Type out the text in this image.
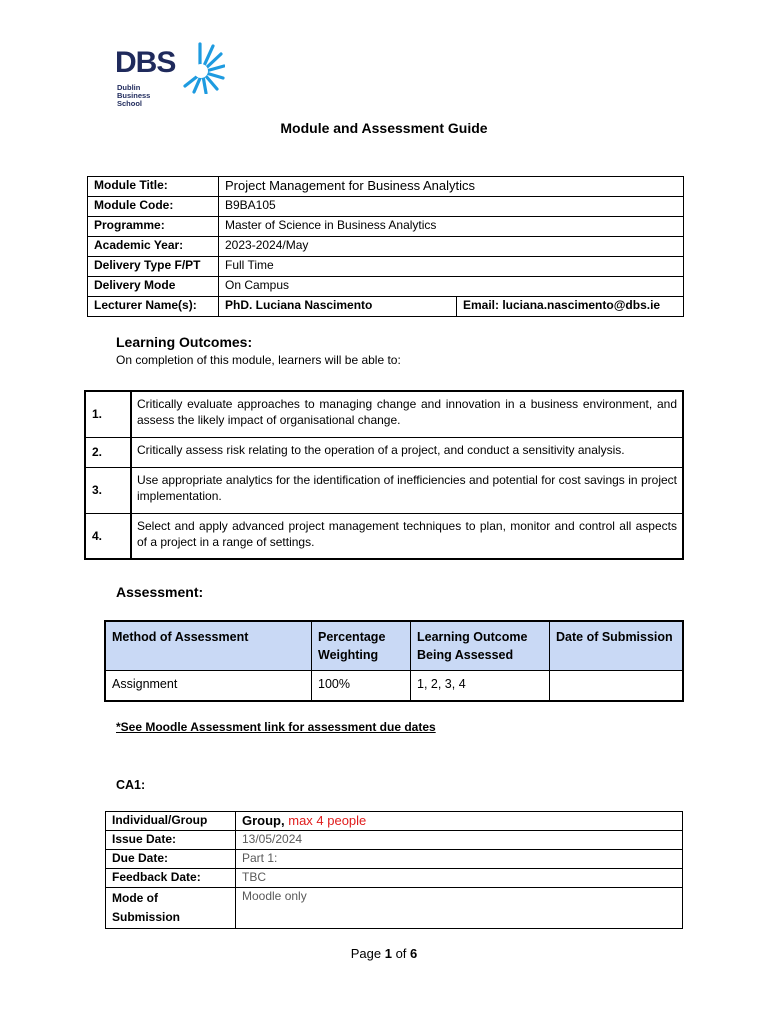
DBS
Dublin
Business
School
Module and Assessment Guide
Module Title:	Project Management for Business Analytics	
Module Code:	B9BA105	
Programme:	Master of Science in Business Analytics	
Academic Year:	2023-2024/May	
Delivery Type F/PT	Full Time	
Delivery Mode	On Campus	
Lecturer Name(s):	PhD. Luciana Nascimento	Email: luciana.nascimento@dbs.ie
Learning Outcomes:
On completion of this module, learners will be able to:
1.	Critically evaluate approaches to managing change and innovation in a business environment, and assess the likely impact of organisational change.
2.	Critically assess risk relating to the operation of a project, and conduct a sensitivity analysis.
3.	Use appropriate analytics for the identification of inefficiencies and potential for cost savings in project implementation.
4.	Select and apply advanced project management techniques to plan, monitor and control all aspects of a project in a range of settings.
Assessment:
Method of Assessment	Percentage Weighting	Learning Outcome Being Assessed	Date of Submission
Assignment	100%	1, 2, 3, 4	
*See Moodle Assessment link for assessment due dates
CA1:
Individual/Group	Group, max 4 people
Issue Date:	13/05/2024
Due Date:	Part 1:
Feedback Date:	TBC
Mode of Submission	Moodle only
Page 1 of 6
